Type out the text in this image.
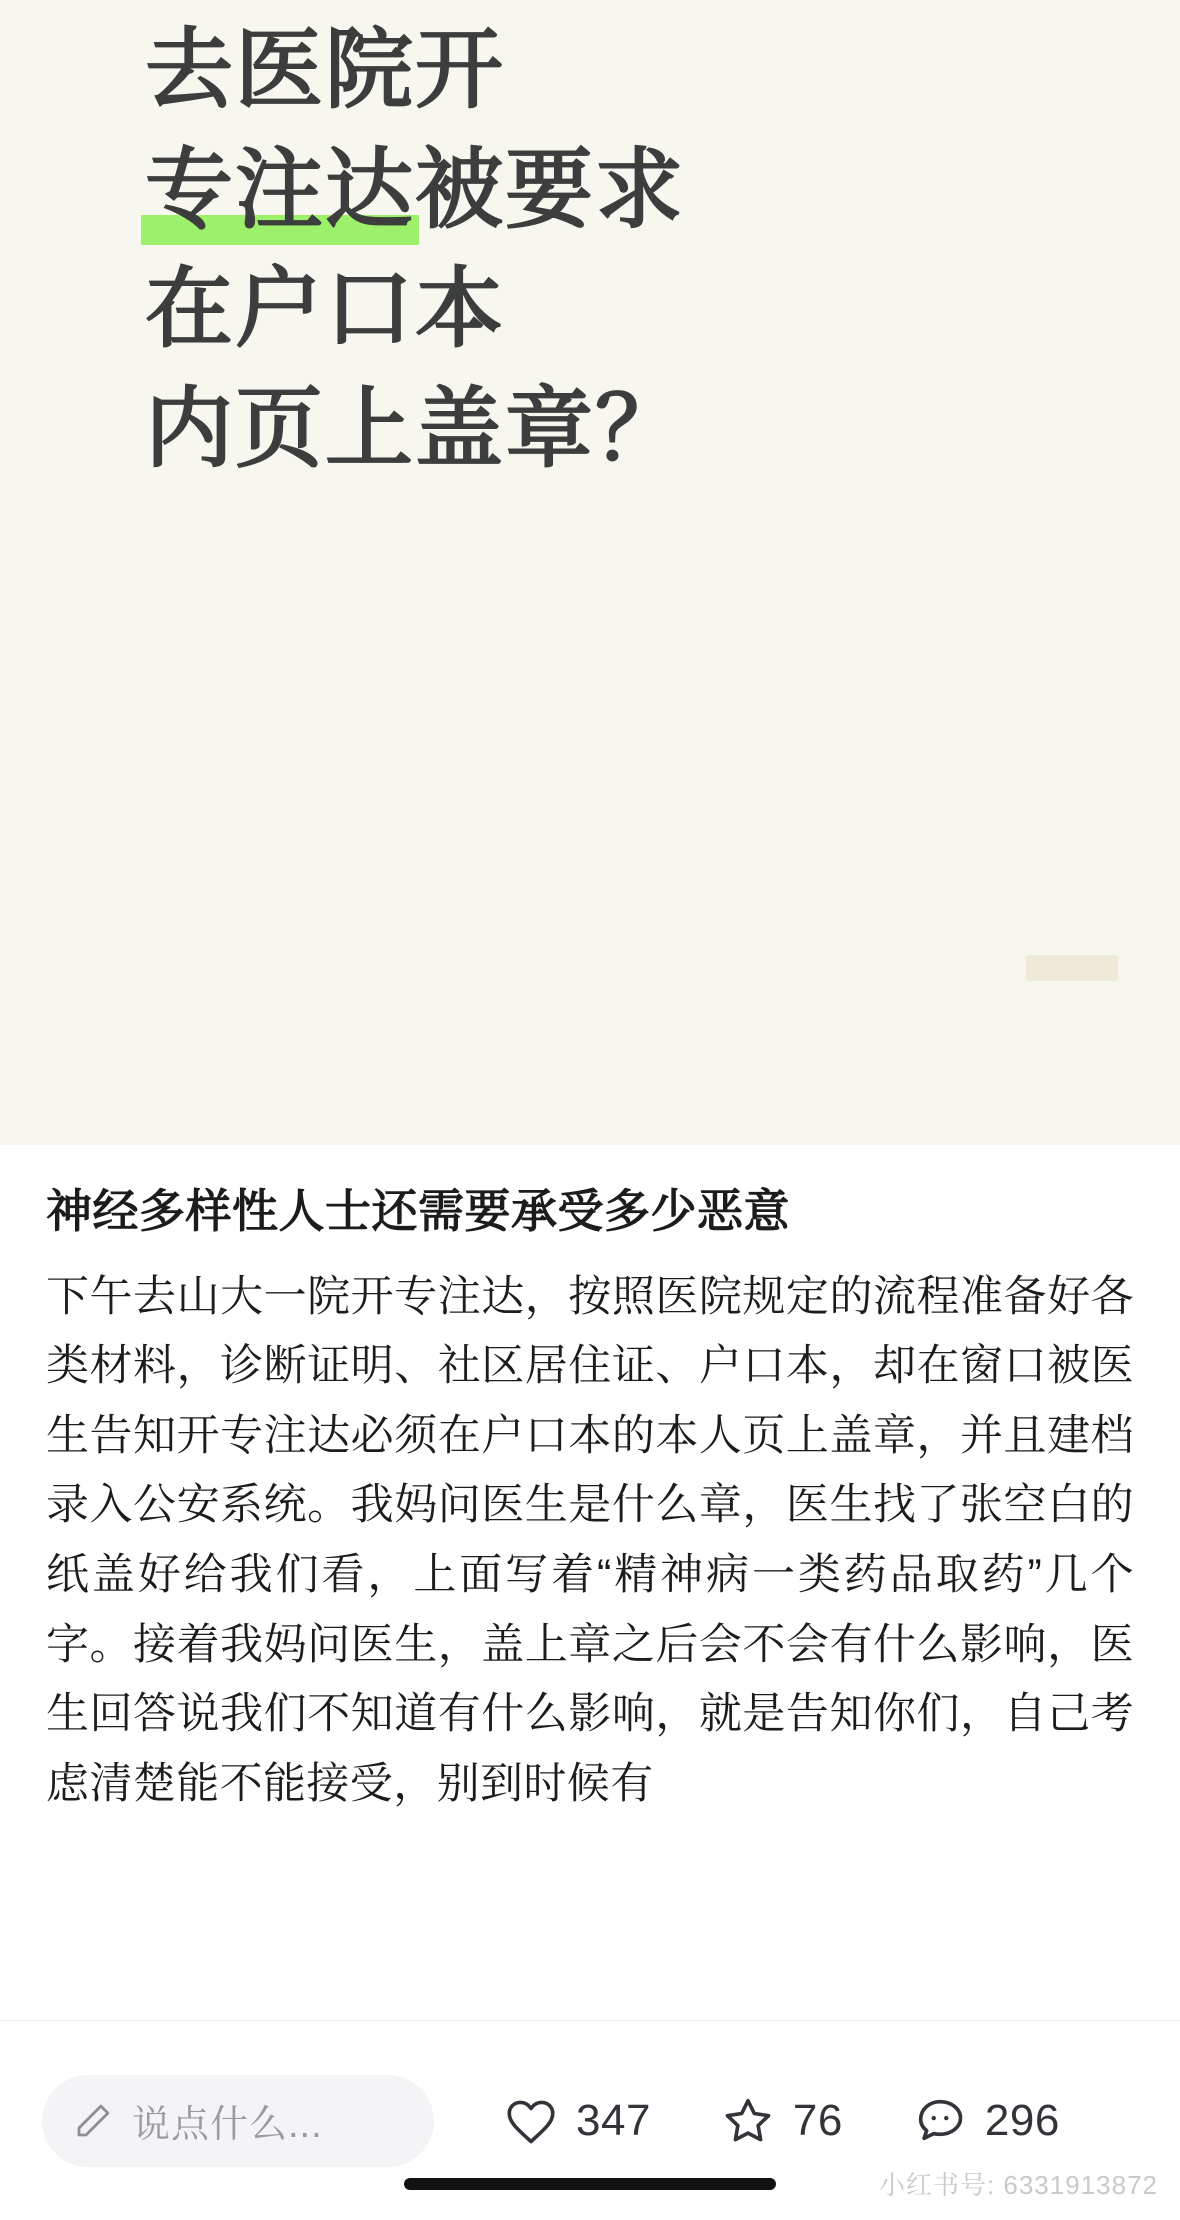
去医院开
专注达被要求
在户口本
内页上盖章？
神经多样性人士还需要承受多少恶意

下午去山大一院开专注达，按照医院规定的流程准备好各类材料，诊断证明、社区居住证、户口本，却在窗口被医生告知开专注达必须在户口本的本人页上盖章，并且建档录入公安系统。我妈问医生是什么章，医生找了张空白的纸盖好给我们看，上面写着“精神病一类药品取药”几个字。接着我妈问医生，盖上章之后会不会有什么影响，医生回答说我们不知道有什么影响，就是告知你们，自己考虑清楚能不能接受，别到时候有

说点什么...	347	76	296
小红书号: 6331913872
